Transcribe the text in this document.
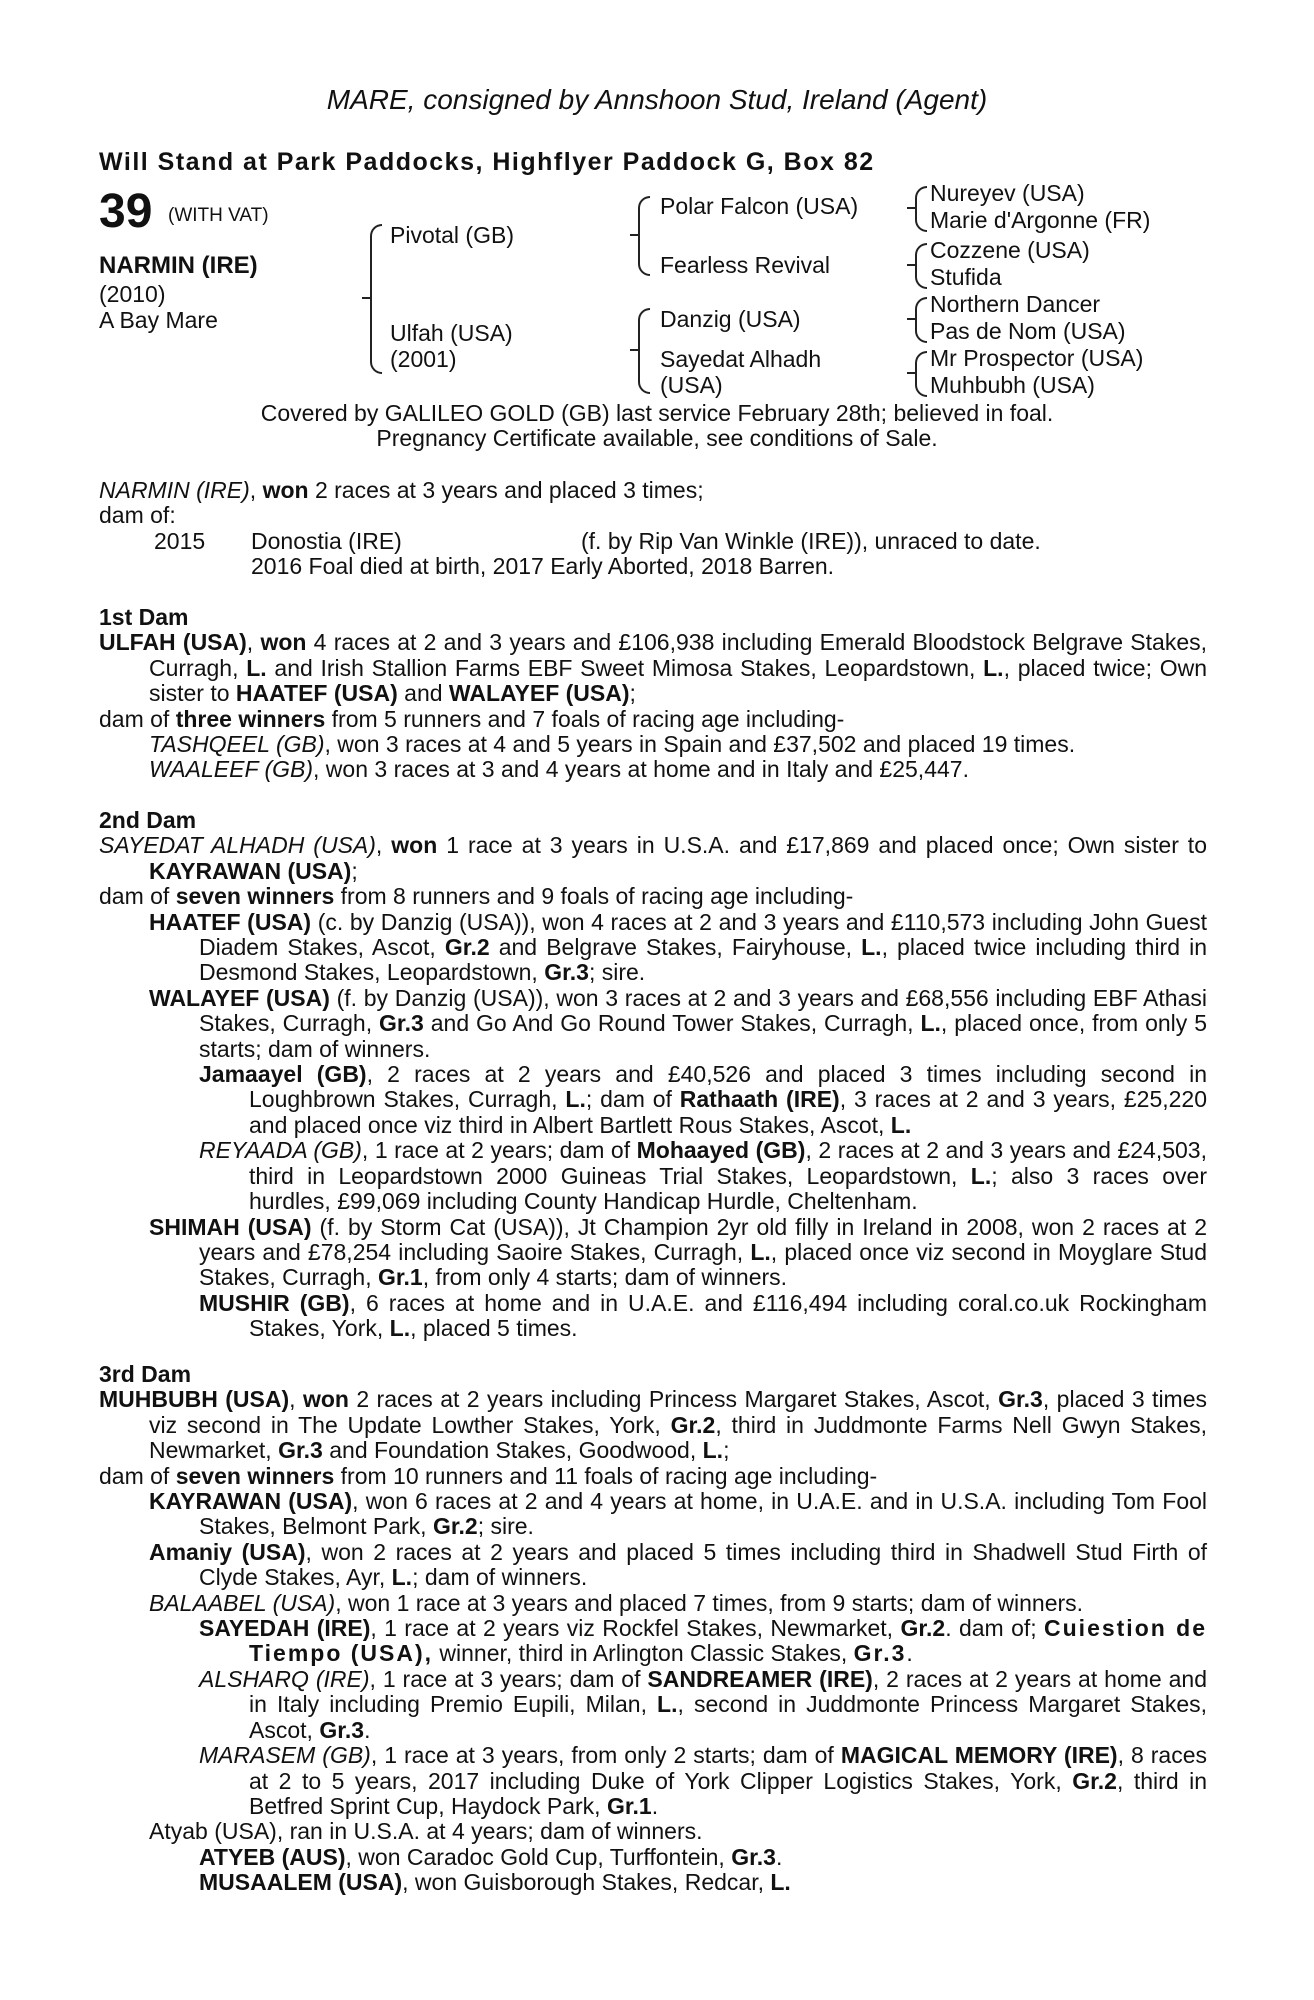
MARE, consigned by Annshoon Stud, Ireland (Agent)
Will Stand at Park Paddocks, Highflyer Paddock G, Box 82
39 (WITH VAT)
NARMIN (IRE)
(2010)
A Bay Mare
Pivotal (GB)
Ulfah (USA)
(2001)
Polar Falcon (USA)
Fearless Revival
Danzig (USA)
Sayedat Alhadh
(USA)
Nureyev (USA)
Marie d'Argonne (FR)
Cozzene (USA)
Stufida
Northern Dancer
Pas de Nom (USA)
Mr Prospector (USA)
Muhbubh (USA)
Covered by GALILEO GOLD (GB) last service February 28th; believed in foal.
Pregnancy Certificate available, see conditions of Sale.

NARMIN (IRE), won 2 races at 3 years and placed 3 times;

dam of:

2015 Donostia (IRE)	(f. by Rip Van Winkle (IRE)), unraced to date.

2016 Foal died at birth, 2017 Early Aborted, 2018 Barren.

1st Dam

ULFAH (USA), won 4 races at 2 and 3 years and £106,938 including Emerald Bloodstock Belgrave Stakes, Curragh, L. and Irish Stallion Farms EBF Sweet Mimosa Stakes, Leopardstown, L., placed twice; Own sister to HAATEF (USA) and WALAYEF (USA);

dam of three winners from 5 runners and 7 foals of racing age including-

TASHQEEL (GB), won 3 races at 4 and 5 years in Spain and £37,502 and placed 19 times.

WAALEEF (GB), won 3 races at 3 and 4 years at home and in Italy and £25,447.

2nd Dam

SAYEDAT ALHADH (USA), won 1 race at 3 years in U.S.A. and £17,869 and placed once; Own sister to KAYRAWAN (USA);

dam of seven winners from 8 runners and 9 foals of racing age including-

HAATEF (USA) (c. by Danzig (USA)), won 4 races at 2 and 3 years and £110,573 including John Guest Diadem Stakes, Ascot, Gr.2 and Belgrave Stakes, Fairyhouse, L., placed twice including third in Desmond Stakes, Leopardstown, Gr.3; sire.

WALAYEF (USA) (f. by Danzig (USA)), won 3 races at 2 and 3 years and £68,556 including EBF Athasi Stakes, Curragh, Gr.3 and Go And Go Round Tower Stakes, Curragh, L., placed once, from only 5 starts; dam of winners.

Jamaayel (GB), 2 races at 2 years and £40,526 and placed 3 times including second in Loughbrown Stakes, Curragh, L.; dam of Rathaath (IRE), 3 races at 2 and 3 years, £25,220 and placed once viz third in Albert Bartlett Rous Stakes, Ascot, L.

REYAADA (GB), 1 race at 2 years; dam of Mohaayed (GB), 2 races at 2 and 3 years and £24,503, third in Leopardstown 2000 Guineas Trial Stakes, Leopardstown, L.; also 3 races over hurdles, £99,069 including County Handicap Hurdle, Cheltenham.

SHIMAH (USA) (f. by Storm Cat (USA)), Jt Champion 2yr old filly in Ireland in 2008, won 2 races at 2 years and £78,254 including Saoire Stakes, Curragh, L., placed once viz second in Moyglare Stud Stakes, Curragh, Gr.1, from only 4 starts; dam of winners.

MUSHIR (GB), 6 races at home and in U.A.E. and £116,494 including coral.co.uk Rockingham Stakes, York, L., placed 5 times.

3rd Dam

MUHBUBH (USA), won 2 races at 2 years including Princess Margaret Stakes, Ascot, Gr.3, placed 3 times viz second in The Update Lowther Stakes, York, Gr.2, third in Juddmonte Farms Nell Gwyn Stakes, Newmarket, Gr.3 and Foundation Stakes, Goodwood, L.;

dam of seven winners from 10 runners and 11 foals of racing age including-

KAYRAWAN (USA), won 6 races at 2 and 4 years at home, in U.A.E. and in U.S.A. including Tom Fool Stakes, Belmont Park, Gr.2; sire.

Amaniy (USA), won 2 races at 2 years and placed 5 times including third in Shadwell Stud Firth of Clyde Stakes, Ayr, L.; dam of winners.

BALAABEL (USA), won 1 race at 3 years and placed 7 times, from 9 starts; dam of winners.

SAYEDAH (IRE), 1 race at 2 years viz Rockfel Stakes, Newmarket, Gr.2. dam of; Cuiestion de Tiempo (USA), winner, third in Arlington Classic Stakes, Gr.3.

ALSHARQ (IRE), 1 race at 3 years; dam of SANDREAMER (IRE), 2 races at 2 years at home and in Italy including Premio Eupili, Milan, L., second in Juddmonte Princess Margaret Stakes, Ascot, Gr.3.

MARASEM (GB), 1 race at 3 years, from only 2 starts; dam of MAGICAL MEMORY (IRE), 8 races at 2 to 5 years, 2017 including Duke of York Clipper Logistics Stakes, York, Gr.2, third in Betfred Sprint Cup, Haydock Park, Gr.1.

Atyab (USA), ran in U.S.A. at 4 years; dam of winners.

ATYEB (AUS), won Caradoc Gold Cup, Turffontein, Gr.3.

MUSAALEM (USA), won Guisborough Stakes, Redcar, L.
